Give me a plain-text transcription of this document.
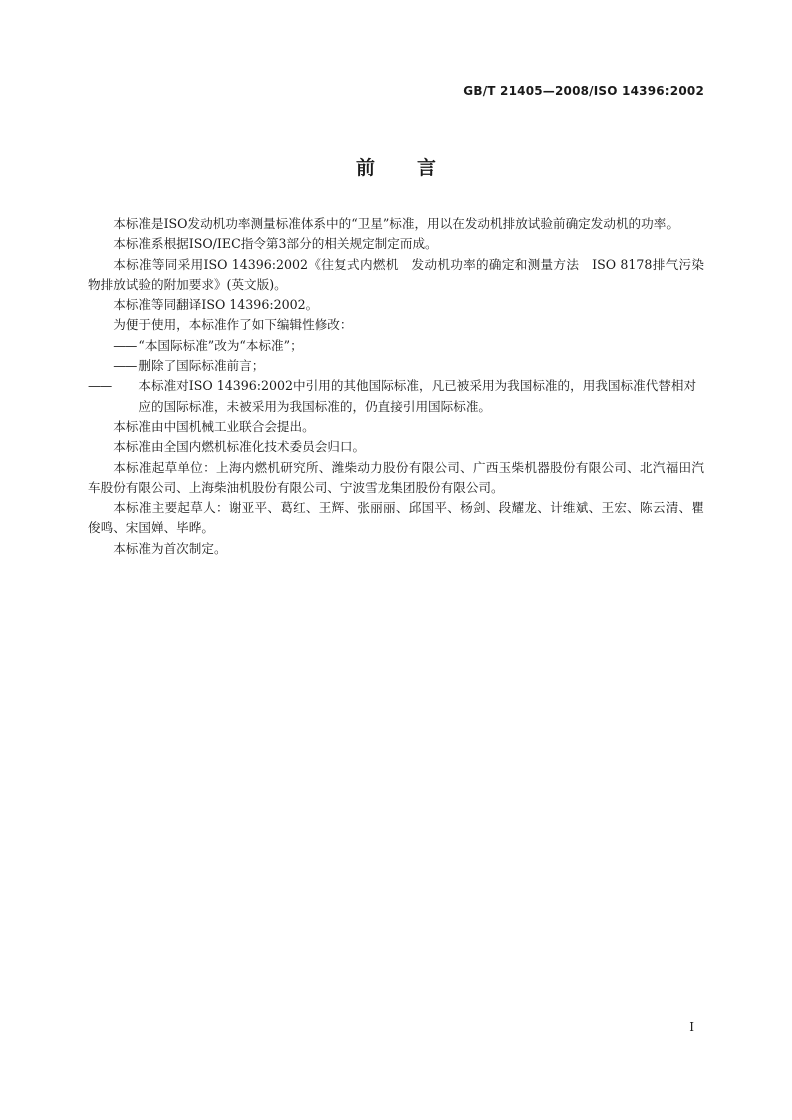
GB/T 21405—2008/ISO 14396:2002
前 言

本标准是ISO发动机功率测量标准体系中的“卫星”标准，用以在发动机排放试验前确定发动机的功率。

本标准系根据ISO/IEC指令第3部分的相关规定制定而成。

本标准等同采用ISO 14396:2002《往复式内燃机　发动机功率的确定和测量方法　ISO 8178排气污染物排放试验的附加要求》(英文版)。

本标准等同翻译ISO 14396:2002。

为便于使用，本标准作了如下编辑性修改：

—— “本国际标准”改为“本标准”；

—— 删除了国际标准前言；

—— 本标准对ISO 14396:2002中引用的其他国际标准，凡已被采用为我国标准的，用我国标准代替相对应的国际标准，未被采用为我国标准的，仍直接引用国际标准。

本标准由中国机械工业联合会提出。

本标准由全国内燃机标准化技术委员会归口。

本标准起草单位：上海内燃机研究所、潍柴动力股份有限公司、广西玉柴机器股份有限公司、北汽福田汽车股份有限公司、上海柴油机股份有限公司、宁波雪龙集团股份有限公司。

本标准主要起草人：谢亚平、葛红、王辉、张丽丽、邱国平、杨剑、段耀龙、计维斌、王宏、陈云清、瞿俊鸣、宋国婵、毕晔。

本标准为首次制定。

I
